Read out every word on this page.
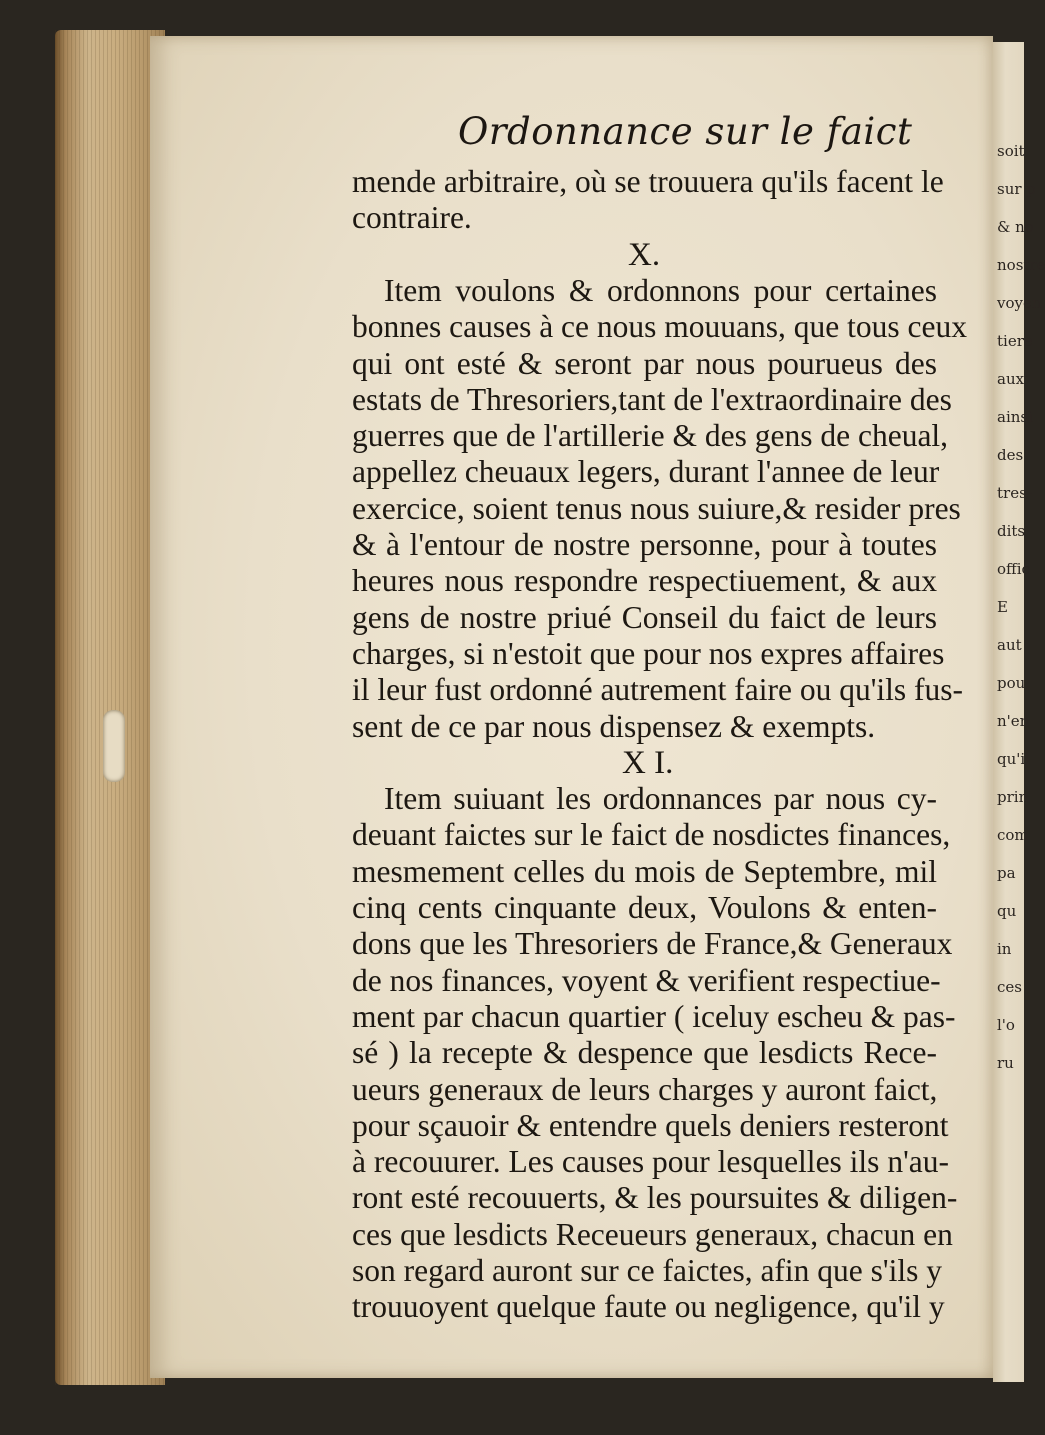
soit
sur p
& no
nostre
voyen
tiere
aux
ainsi
des
tres-
dits
offic
E
aut
pou
n'en
qu'il
prin
com
pa
qu
in
ces
l'o
ru
Ordonnance sur le faict
mende arbitraire, où se trouuera qu'ils facent le
contraire.
X.
Item voulons & ordonnons pour certaines
bonnes causes à ce nous mouuans, que tous ceux
qui ont esté & seront par nous pourueus des
estats de Thresoriers,tant de l'extraordinaire des
guerres que de l'artillerie & des gens de cheual,
appellez cheuaux legers, durant l'annee de leur
exercice, soient tenus nous suiure,& resider pres
& à l'entour de nostre personne, pour à toutes
heures nous respondre respectiuement, & aux
gens de nostre priué Conseil du faict de leurs
charges, si n'estoit que pour nos expres affaires
il leur fust ordonné autrement faire ou qu'ils fus-
sent de ce par nous dispensez & exempts.
X I.
Item suiuant les ordonnances par nous cy-
deuant faictes sur le faict de nosdictes finances,
mesmement celles du mois de Septembre, mil
cinq cents cinquante deux, Voulons & enten-
dons que les Thresoriers de France,& Generaux
de nos finances, voyent & verifient respectiue-
ment par chacun quartier ( iceluy escheu & pas-
sé ) la recepte & despence que lesdicts Rece-
ueurs generaux de leurs charges y auront faict,
pour sçauoir & entendre quels deniers resteront
à recouurer. Les causes pour lesquelles ils n'au-
ront esté recouuerts, & les poursuites & diligen-
ces que lesdicts Receueurs generaux, chacun en
son regard auront sur ce faictes, afin que s'ils y
trouuoyent quelque faute ou negligence, qu'il y
